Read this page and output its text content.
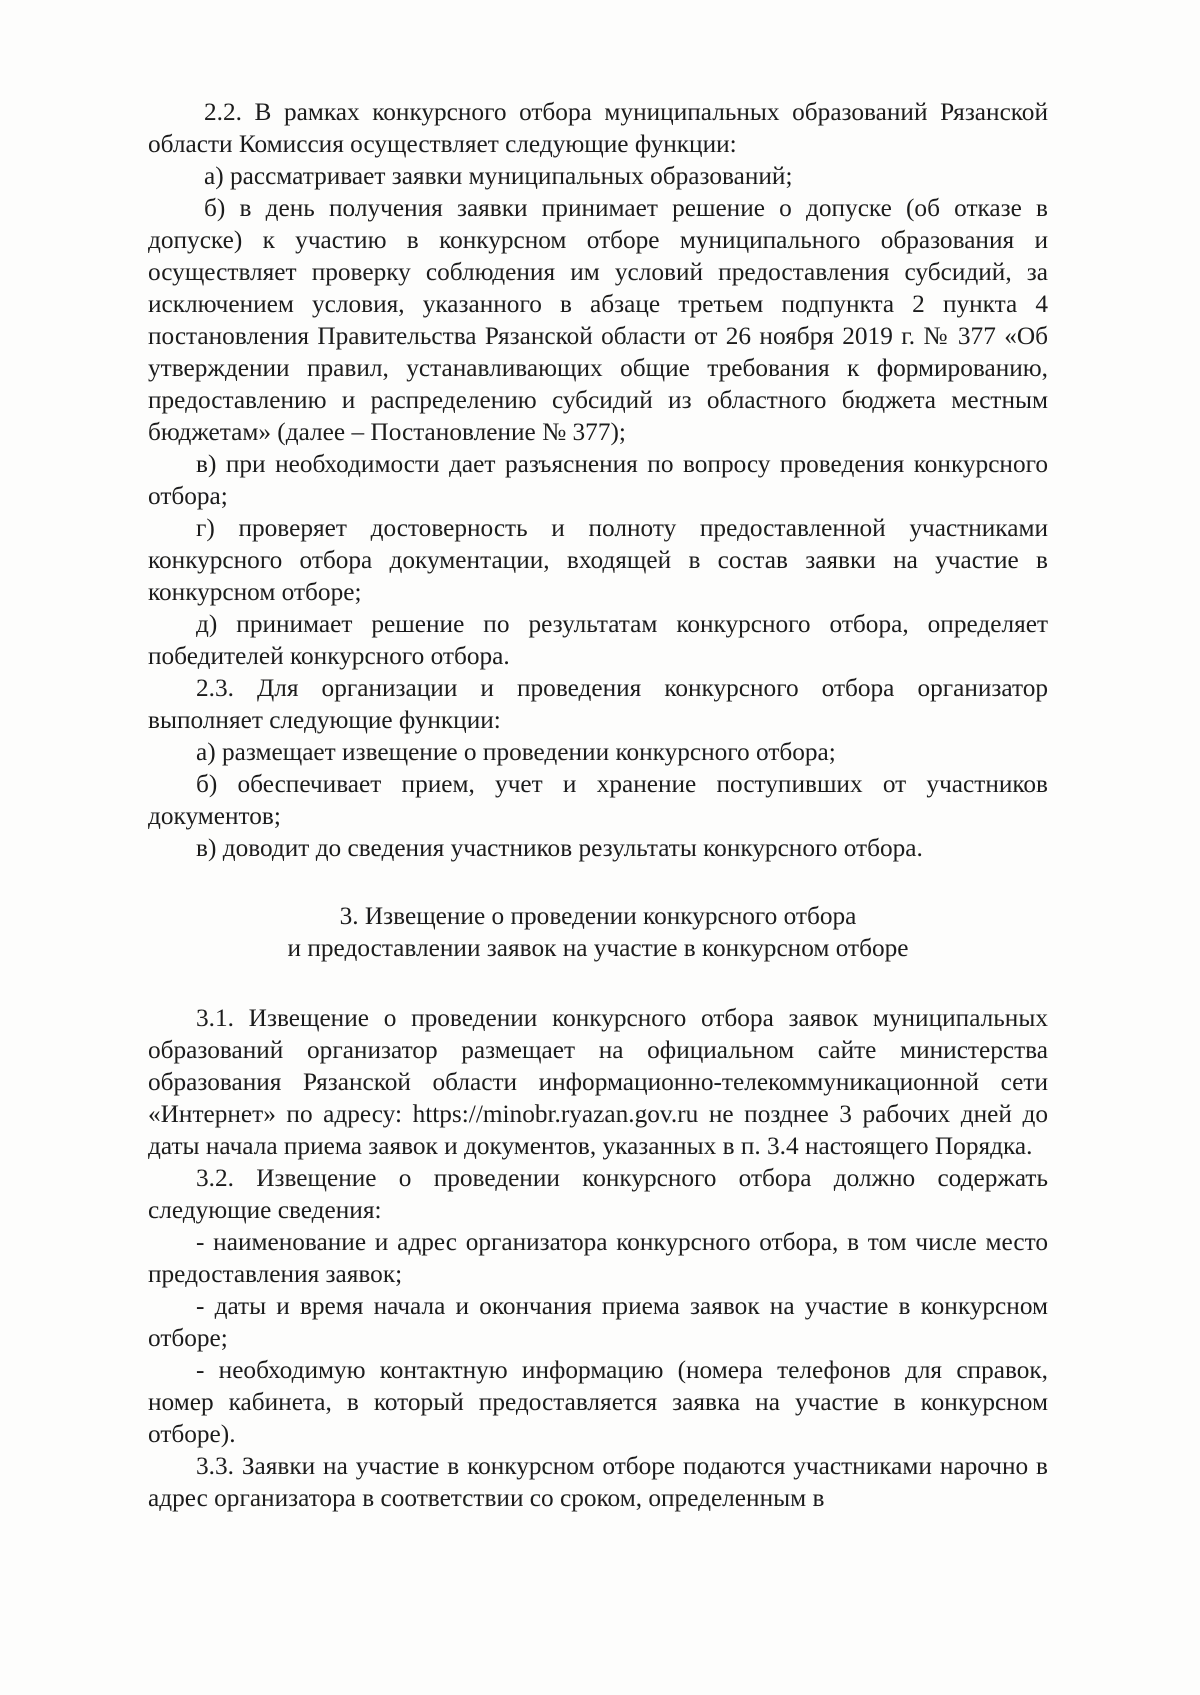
2.2. В рамках конкурсного отбора муниципальных образований Рязанской области Комиссия осуществляет следующие функции:

а) рассматривает заявки муниципальных образований;

б) в день получения заявки принимает решение о допуске (об отказе в допуске) к участию в конкурсном отборе муниципального образования и осуществляет проверку соблюдения им условий предоставления субсидий, за исключением условия, указанного в абзаце третьем подпункта 2 пункта 4 постановления Правительства Рязанской области от 26 ноября 2019 г. № 377 «Об утверждении правил, устанавливающих общие требования к формированию, предоставлению и распределению субсидий из областного бюджета местным бюджетам» (далее – Постановление № 377);

в) при необходимости дает разъяснения по вопросу проведения конкурсного отбора;

г) проверяет достоверность и полноту предоставленной участниками конкурсного отбора документации, входящей в состав заявки на участие в конкурсном отборе;

д) принимает решение по результатам конкурсного отбора, определяет победителей конкурсного отбора.

2.3. Для организации и проведения конкурсного отбора организатор выполняет следующие функции:

а) размещает извещение о проведении конкурсного отбора;

б) обеспечивает прием, учет и хранение поступивших от участников документов;

в) доводит до сведения участников результаты конкурсного отбора.

3. Извещение о проведении конкурсного отбора
и предоставлении заявок на участие в конкурсном отборе

3.1. Извещение о проведении конкурсного отбора заявок муниципальных образований организатор размещает на официальном сайте министерства образования Рязанской области информационно-телекоммуникационной сети «Интернет» по адресу: https://minobr.ryazan.gov.ru не позднее 3 рабочих дней до даты начала приема заявок и документов, указанных в п. 3.4 настоящего Порядка.

3.2. Извещение о проведении конкурсного отбора должно содержать следующие сведения:

- наименование и адрес организатора конкурсного отбора, в том числе место предоставления заявок;

- даты и время начала и окончания приема заявок на участие в конкурсном отборе;

- необходимую контактную информацию (номера телефонов для справок, номер кабинета, в который предоставляется заявка на участие в конкурсном отборе).

3.3. Заявки на участие в конкурсном отборе подаются участниками нарочно в адрес организатора в соответствии со сроком, определенным в
